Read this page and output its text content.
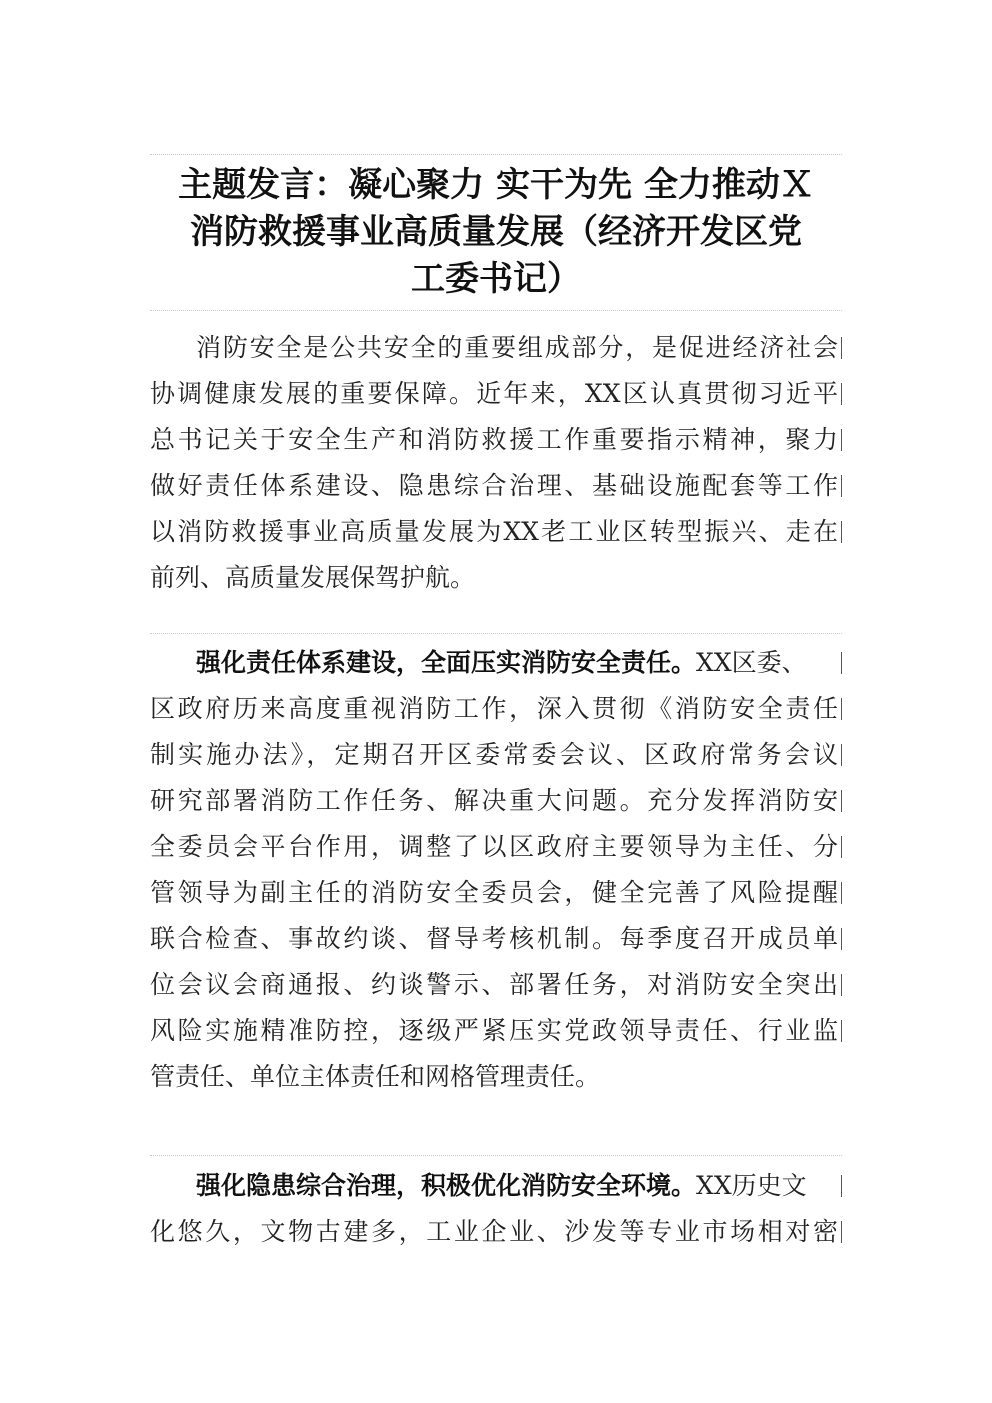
主题发言：凝心聚力 实干为先 全力推动Ｘ
消防救援事业高质量发展（经济开发区党
工委书记）
消防安全是公共安全的重要组成部分，是促进经济社会
协调健康发展的重要保障。近年来，XX区认真贯彻习近平
总书记关于安全生产和消防救援工作重要指示精神，聚力
做好责任体系建设、隐患综合治理、基础设施配套等工作
以消防救援事业高质量发展为XX老工业区转型振兴、走在
前列、高质量发展保驾护航。
强化责任体系建设，全面压实消防安全责任。XX区委、
区政府历来高度重视消防工作，深入贯彻《消防安全责任
制实施办法》，定期召开区委常委会议、区政府常务会议
研究部署消防工作任务、解决重大问题。充分发挥消防安
全委员会平台作用，调整了以区政府主要领导为主任、分
管领导为副主任的消防安全委员会，健全完善了风险提醒
联合检查、事故约谈、督导考核机制。每季度召开成员单
位会议会商通报、约谈警示、部署任务，对消防安全突出
风险实施精准防控，逐级严紧压实党政领导责任、行业监
管责任、单位主体责任和网格管理责任。
强化隐患综合治理，积极优化消防安全环境。XX历史文
化悠久，文物古建多，工业企业、沙发等专业市场相对密
